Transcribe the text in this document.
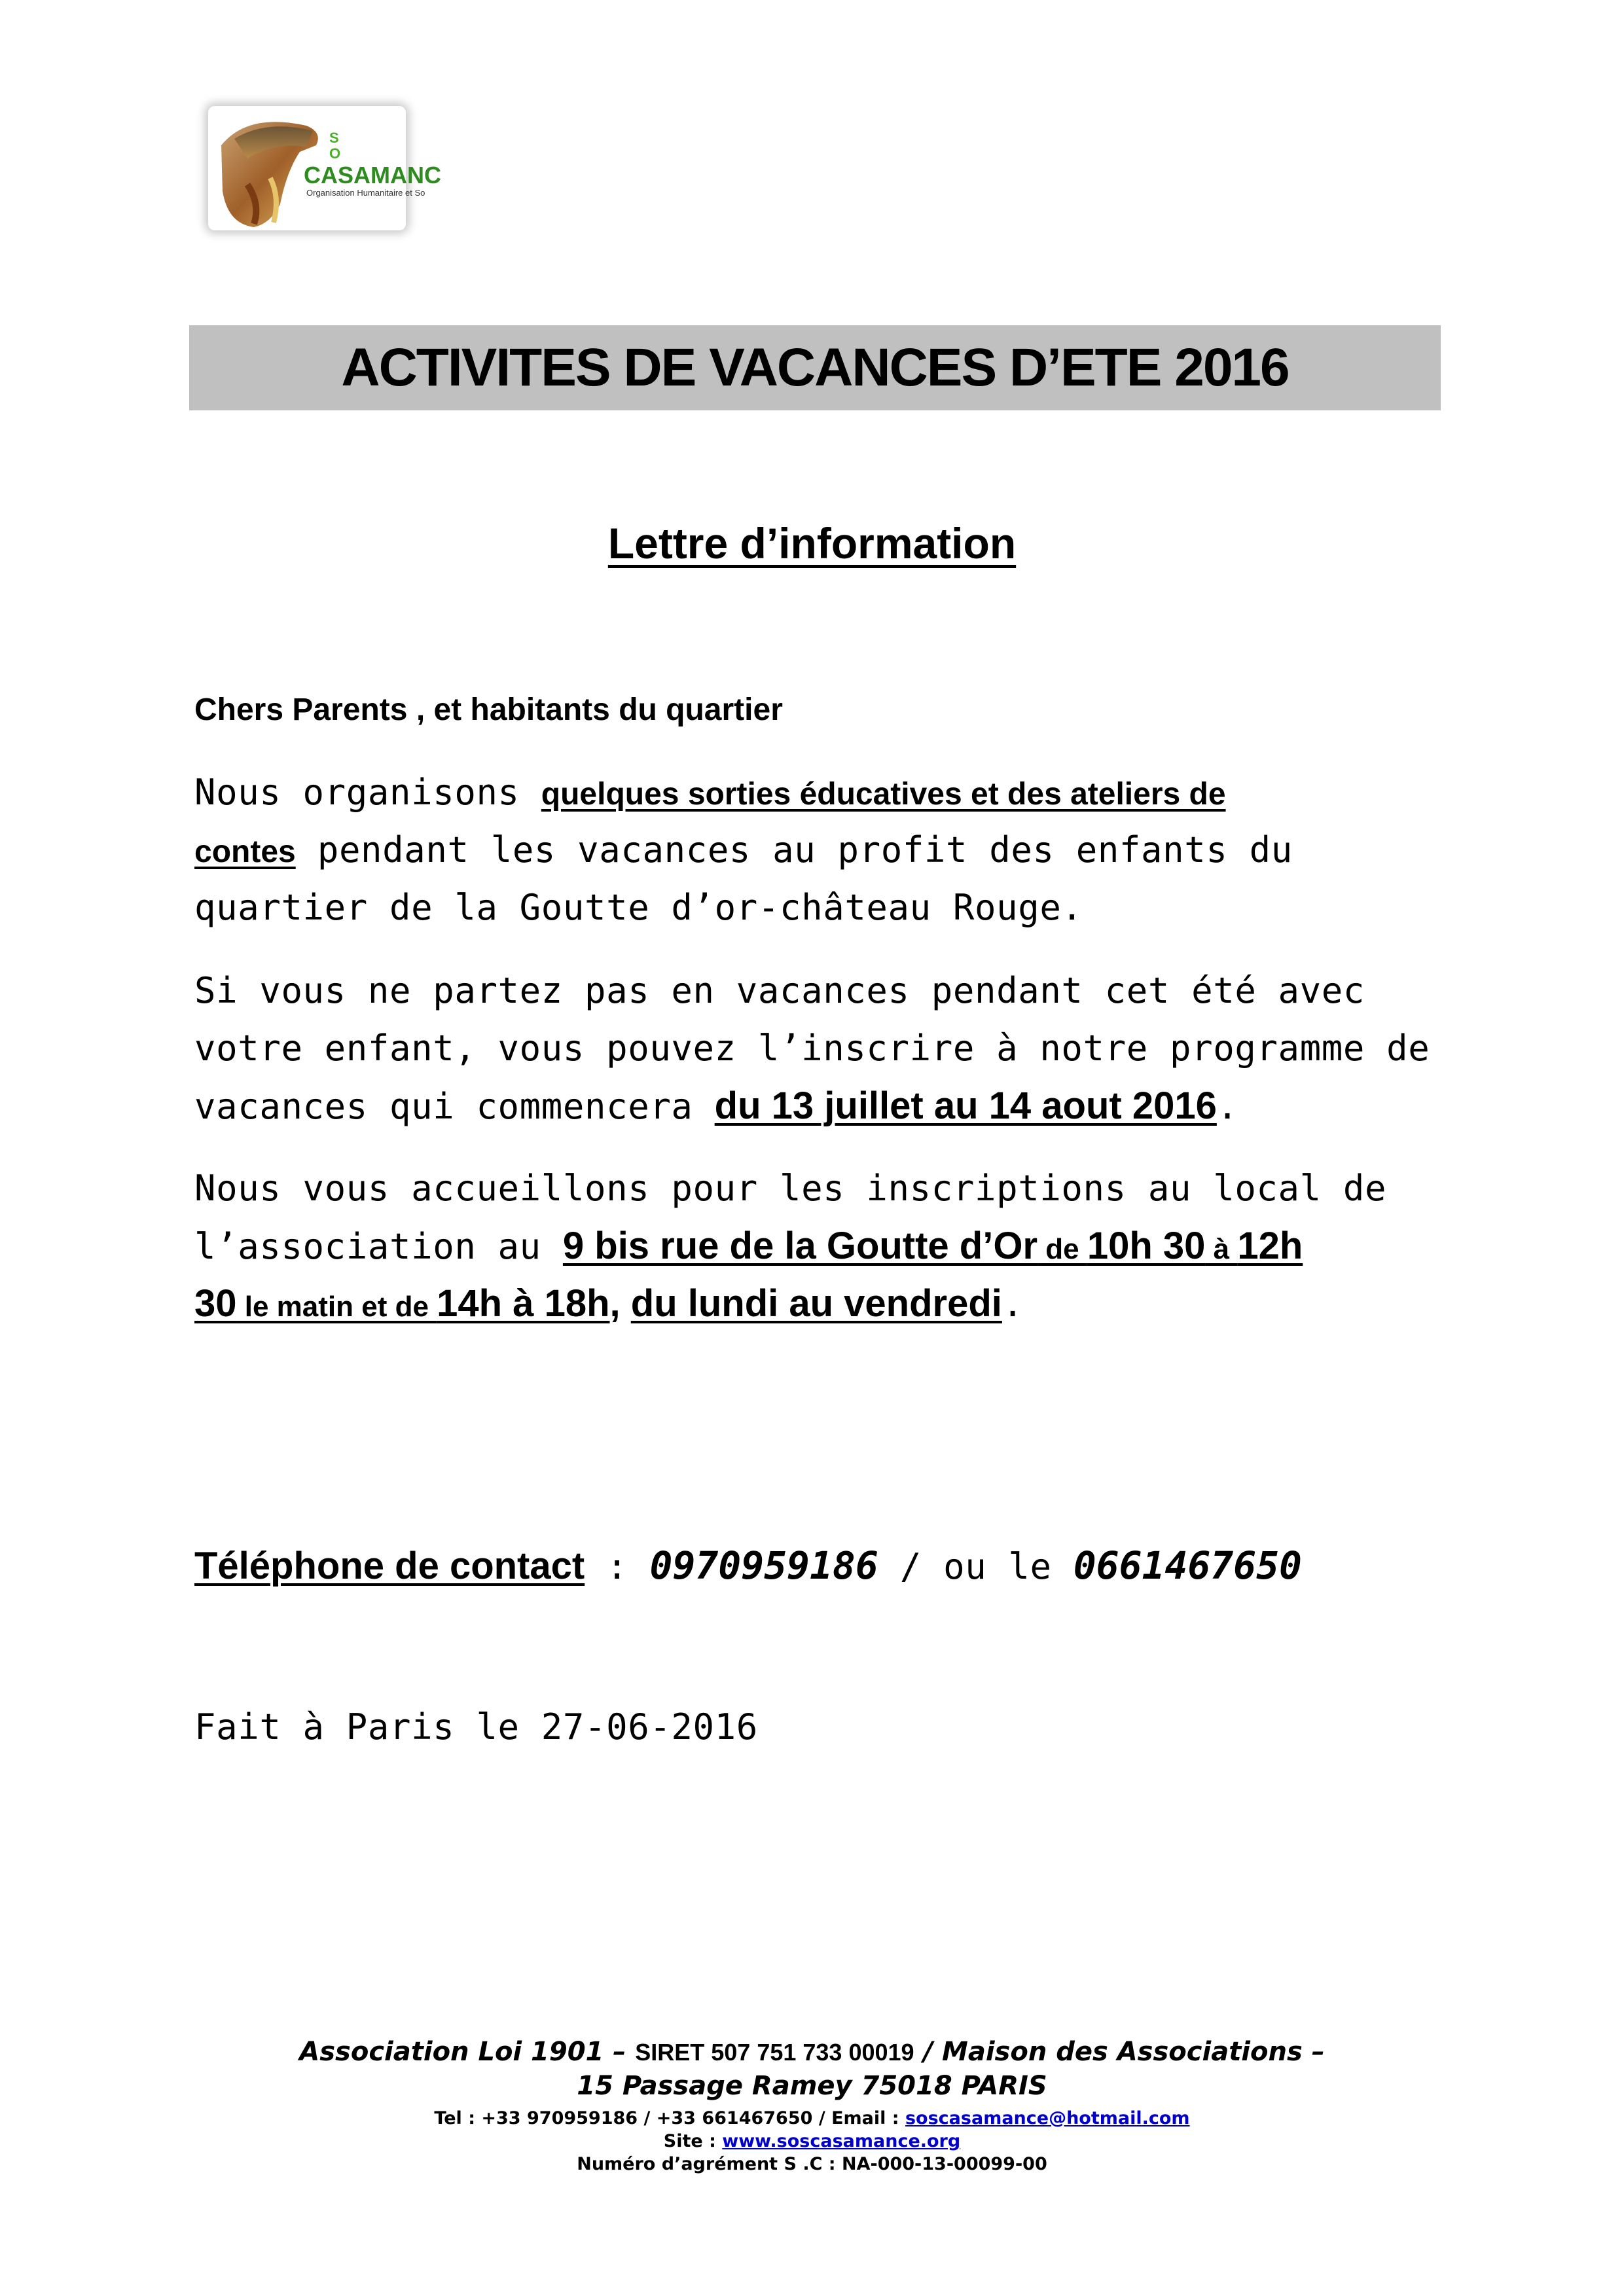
S
O
CASAMANC
Organisation Humanitaire et So
ACTIVITES DE VACANCES D’ETE 2016
Lettre d’information
Chers Parents , et habitants du quartier
Nous organisons quelques sorties éducatives et des ateliers de
contes pendant les vacances au profit des enfants du
quartier de la Goutte d’or-château Rouge.
Si vous ne partez pas en vacances pendant cet été avec
votre enfant, vous pouvez l’inscrire à notre programme de
vacances qui commencera du 13 juillet au 14 aout 2016.
Nous vous accueillons pour les inscriptions au local de
l’association au 9 bis rue de la Goutte d’Or de 10h 30 à 12h
30 le matin et de 14h à 18h, du lundi au vendredi.
Téléphone de contact : 0970959186 / ou le 0661467650
Fait à Paris le 27-06-2016
Association Loi 1901 – SIRET 507 751 733 00019 / Maison des Associations –
15 Passage Ramey 75018 PARIS
Tel : +33 970959186 / +33 661467650 / Email : soscasamance@hotmail.com
Site : www.soscasamance.org
Numéro d’agrément S .C : NA-000-13-00099-00
